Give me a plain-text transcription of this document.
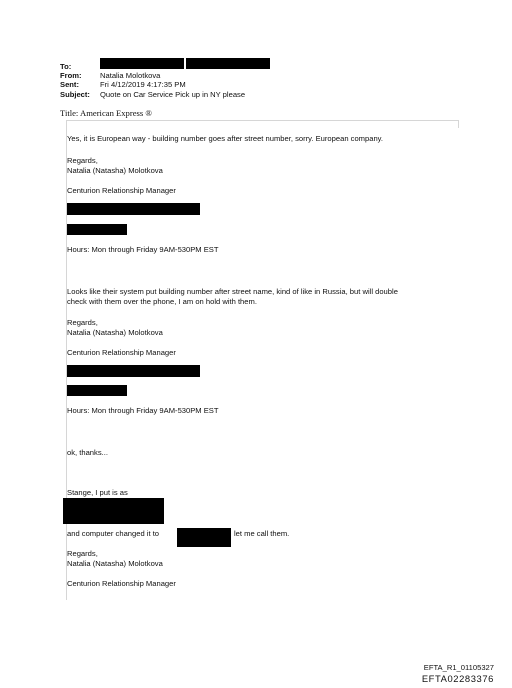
To:
From: Natalia Molotkova
Sent:	Fri 4/12/2019 4:17:35 PM
Subject: Quote on Car Service Pick up in NY please
Title: American Express ®
Yes, it is European way - building number goes after street number, sorry. European company.
Regards,
Natalia (Natasha) Molotkova
Centurion Relationship Manager
Hours: Mon through Friday 9AM-530PM EST
Looks like their system put building number after street name, kind of like in Russia, but will double
check with them over the phone, I am on hold with them.
Regards,
Natalia (Natasha) Molotkova
Centurion Relationship Manager
Hours: Mon through Friday 9AM-530PM EST
ok, thanks...
Stange, I put is as
and computer changed it to	let me call them.
Regards,
Natalia (Natasha) Molotkova
Centurion Relationship Manager
EFTA_R1_01105327
EFTA02283376
